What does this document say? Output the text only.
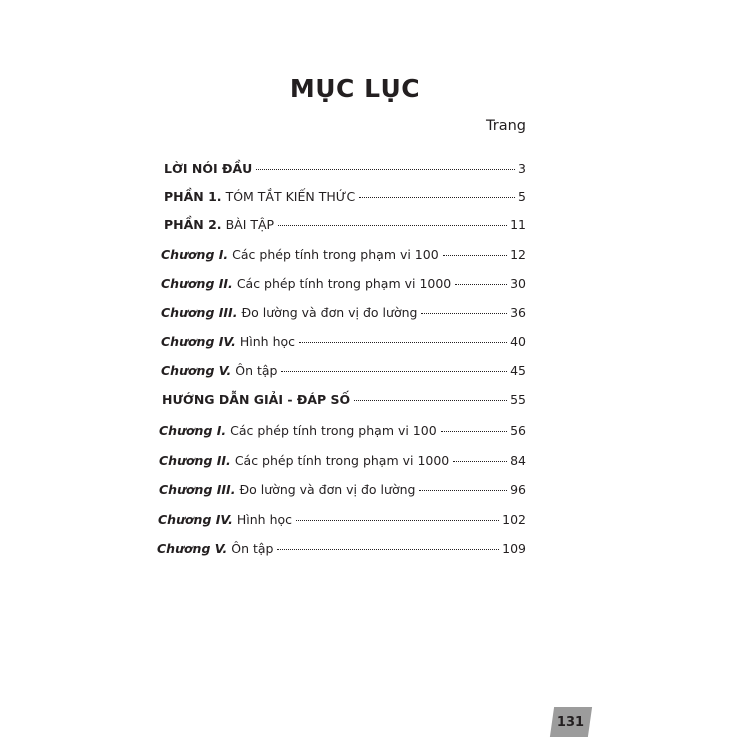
MỤC LỤC
Trang
LỜI NÓI ĐẦU	3
PHẦN 1. TÓM TẮT KIẾN THỨC	5
PHẦN 2. BÀI TẬP	11
Chương I. Các phép tính trong phạm vi 100	12
Chương II. Các phép tính trong phạm vi 1000	30
Chương III. Đo lường và đơn vị đo lường	36
Chương IV. Hình học	40
Chương V. Ôn tập	45
HƯỚNG DẪN GIẢI - ĐÁP SỐ	55
Chương I. Các phép tính trong phạm vi 100	56
Chương II. Các phép tính trong phạm vi 1000	84
Chương III. Đo lường và đơn vị đo lường	96
Chương IV. Hình học	102
Chương V. Ôn tập	109
131
